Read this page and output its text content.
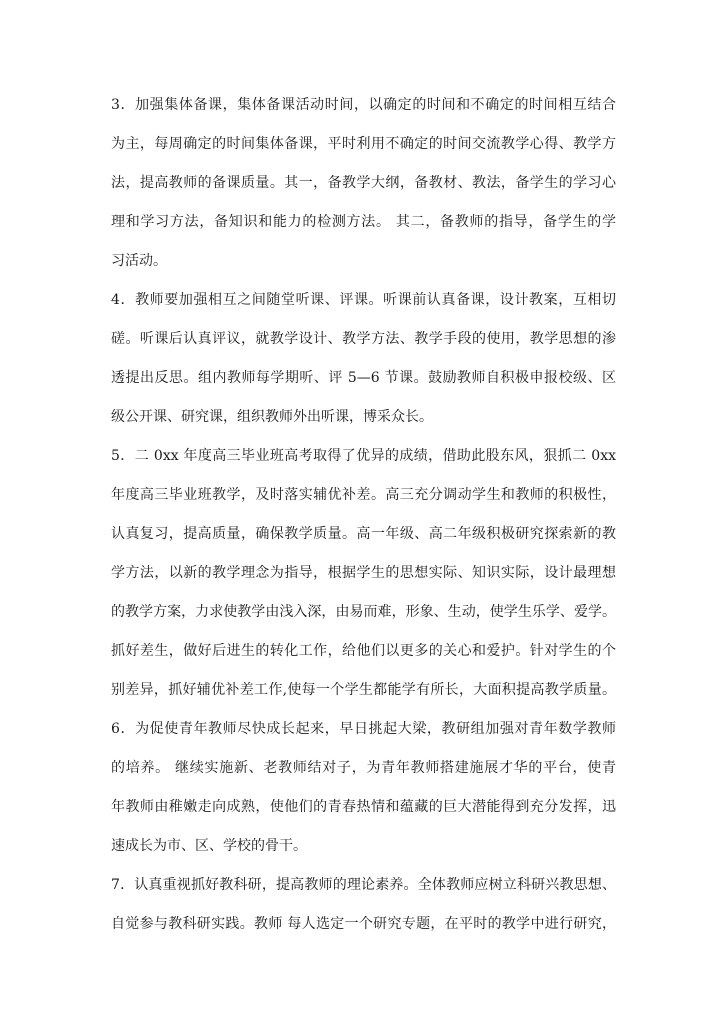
3．加强集体备课，集体备课活动时间，以确定的时间和不确定的时间相互结合
为主，每周确定的时间集体备课，平时利用不确定的时间交流教学心得、教学方
法，提高教师的备课质量。其一，备教学大纲，备教材、教法，备学生的学习心
理和学习方法，备知识和能力的检测方法。 其二，备教师的指导，备学生的学
习活动。
4．教师要加强相互之间随堂听课、评课。听课前认真备课，设计教案，互相切
磋。听课后认真评议，就教学设计、教学方法、教学手段的使用，教学思想的渗
透提出反思。组内教师每学期听、评 5—6 节课。鼓励教师自积极申报校级、区
级公开课、研究课，组织教师外出听课，博采众长。
5．二 0xx 年度高三毕业班高考取得了优异的成绩，借助此股东风，狠抓二 0xx
年度高三毕业班教学，及时落实辅优补差。高三充分调动学生和教师的积极性，
认真复习，提高质量，确保教学质量。高一年级、高二年级积极研究探索新的教
学方法，以新的教学理念为指导，根据学生的思想实际、知识实际，设计最理想
的教学方案，力求使教学由浅入深，由易而难，形象、生动，使学生乐学、爱学。
抓好差生，做好后进生的转化工作，给他们以更多的关心和爱护。针对学生的个
别差异，抓好辅优补差工作,使每一个学生都能学有所长，大面积提高教学质量。
6．为促使青年教师尽快成长起来，早日挑起大梁，教研组加强对青年数学教师
的培养。 继续实施新、老教师结对子，为青年教师搭建施展才华的平台，使青
年教师由稚嫩走向成熟，使他们的青春热情和蕴藏的巨大潜能得到充分发挥，迅
速成长为市、区、学校的骨干。
7．认真重视抓好教科研，提高教师的理论素养。全体教师应树立科研兴教思想、
自觉参与教科研实践。教师 每人选定一个研究专题，在平时的教学中进行研究，
